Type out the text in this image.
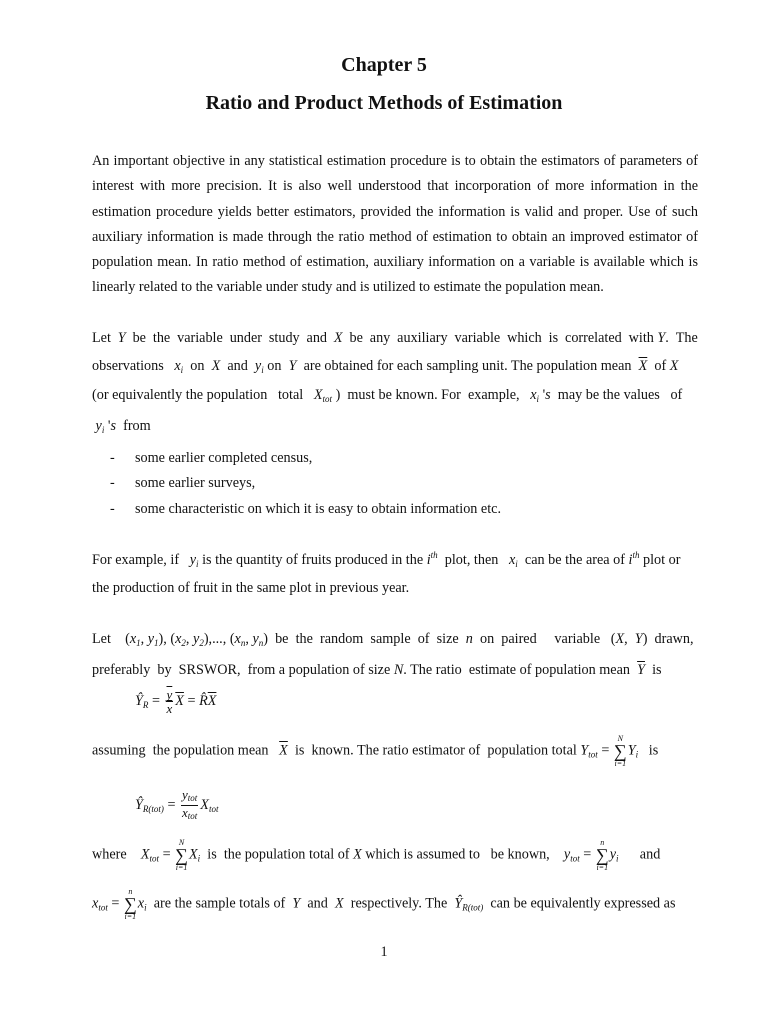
Chapter 5
Ratio and Product Methods of Estimation
An important objective in any statistical estimation procedure is to obtain the estimators of parameters of interest with more precision. It is also well understood that incorporation of more information in the estimation procedure yields better estimators, provided the information is valid and proper. Use of such auxiliary information is made through the ratio method of estimation to obtain an improved estimator of population mean. In ratio method of estimation, auxiliary information on a variable is available which is linearly related to the variable under study and is utilized to estimate the population mean.
Let Y be the variable under study and X be any auxiliary variable which is correlated with Y. The
observations   $x_i$  on  X  and  $y_i$ on  Y  are obtained for each sampling unit. The population mean  $\overline{X}$  of X
(or equivalently the population   total   $X_{tot}$ )  must be known. For  example,   $x_i$ 's  may be the values   of
$y_i$ 's  from
- some earlier completed census,
- some earlier surveys,
- some characteristic on which it is easy to obtain information etc.
For example, if   $y_i$ is the quantity of fruits produced in the $i^{th}$  plot, then   $x_i$  can be the area of $i^{th}$ plot or
the production of fruit in the same plot in previous year.
Let    ($x_1$, $y_1$), ($x_2$, $y_2$),..., ($x_n$, $y_n$)  be  the  random  sample  of  size  n  on  paired     variable   (X,  Y)  drawn,
preferably  by  SRSWOR,  from a population of size N. The ratio  estimate of population mean  $\overline{Y}$  is
$Ŷ_R = \frac{\overline{y}}{x} \overline{X}$ = $R̂\overline{X}$
assuming  the population mean   $\overline{X}$  is  known. The ratio estimator of  population total $Y_{tot}$ =
N
∑
i=1
$Y_i$   is
$Ŷ_{R(tot)} = \frac{y_{tot}}{x_{tot}} X_{tot}$
where    $X_{tot}$ =
N
∑
i=1
$X_i$  is  the population total of X which is assumed to   be known,    $y_{tot}$ =
n
∑
i=1
$y_i$      and
$x_{tot}$ =
n
∑
i=1
$x_i$  are the sample totals of  Y  and  X  respectively. The  $Ŷ_{R(tot)}$  can be equivalently expressed as
1
